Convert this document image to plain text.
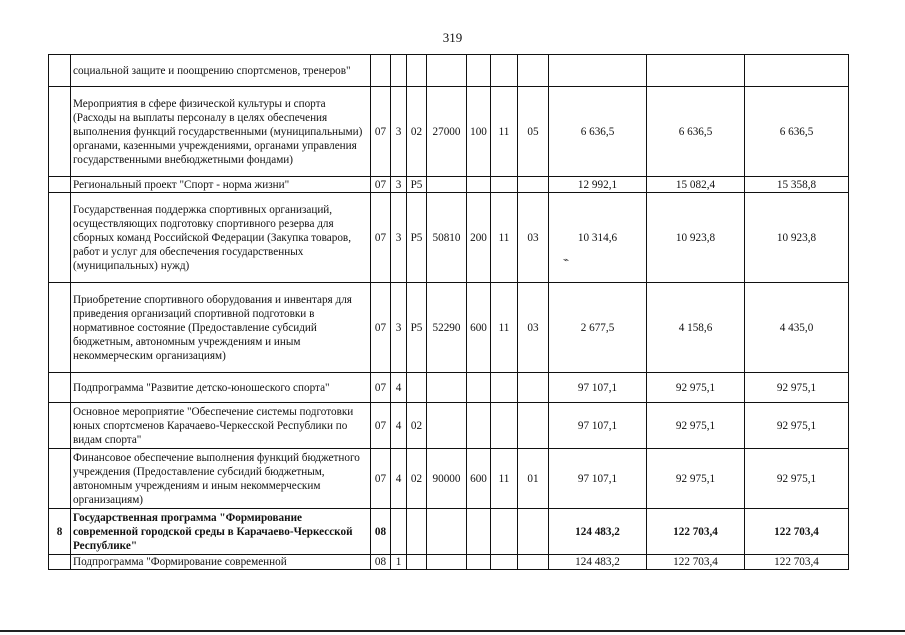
319
	социальной защите и поощрению спортсменов, тренеров"										
	Мероприятия в сфере физической культуры и спорта (Расходы на выплаты персоналу в целях обеспечения выполнения функций государственными (муниципальными) органами, казенными учреждениями, органами управления государственными внебюджетными фондами)	07	3	02	27000	100	11	05	6 636,5	6 636,5	6 636,5
	Региональный проект "Спорт - норма жизни"	07	3	P5					12 992,1	15 082,4	15 358,8
	Государственная поддержка спортивных организаций, осуществляющих подготовку спортивного резерва для сборных команд Российской Федерации (Закупка товаров, работ и услуг для обеспечения государственных (муниципальных) нужд)	07	3	P5	50810	200	11	03	10 314,6	10 923,8	10 923,8
	Приобретение спортивного оборудования и инвентаря для приведения организаций спортивной подготовки в нормативное состояние (Предоставление субсидий бюджетным, автономным учреждениям и иным некоммерческим организациям)	07	3	P5	52290	600	11	03	2 677,5	4 158,6	4 435,0
	Подпрограмма "Развитие детско-юношеского спорта"	07	4						97 107,1	92 975,1	92 975,1
	Основное мероприятие "Обеспечение системы подготовки юных спортсменов Карачаево-Черкесской Республики по видам спорта"	07	4	02					97 107,1	92 975,1	92 975,1
	Финансовое обеспечение выполнения функций бюджетного учреждения (Предоставление субсидий бюджетным, автономным учреждениям и иным некоммерческим организациям)	07	4	02	90000	600	11	01	97 107,1	92 975,1	92 975,1
8	Государственная программа "Формирование современной городской среды в Карачаево-Черкесской Республике"	08							124 483,2	122 703,4	122 703,4
	Подпрограмма "Формирование современной	08	1						124 483,2	122 703,4	122 703,4
⌁
